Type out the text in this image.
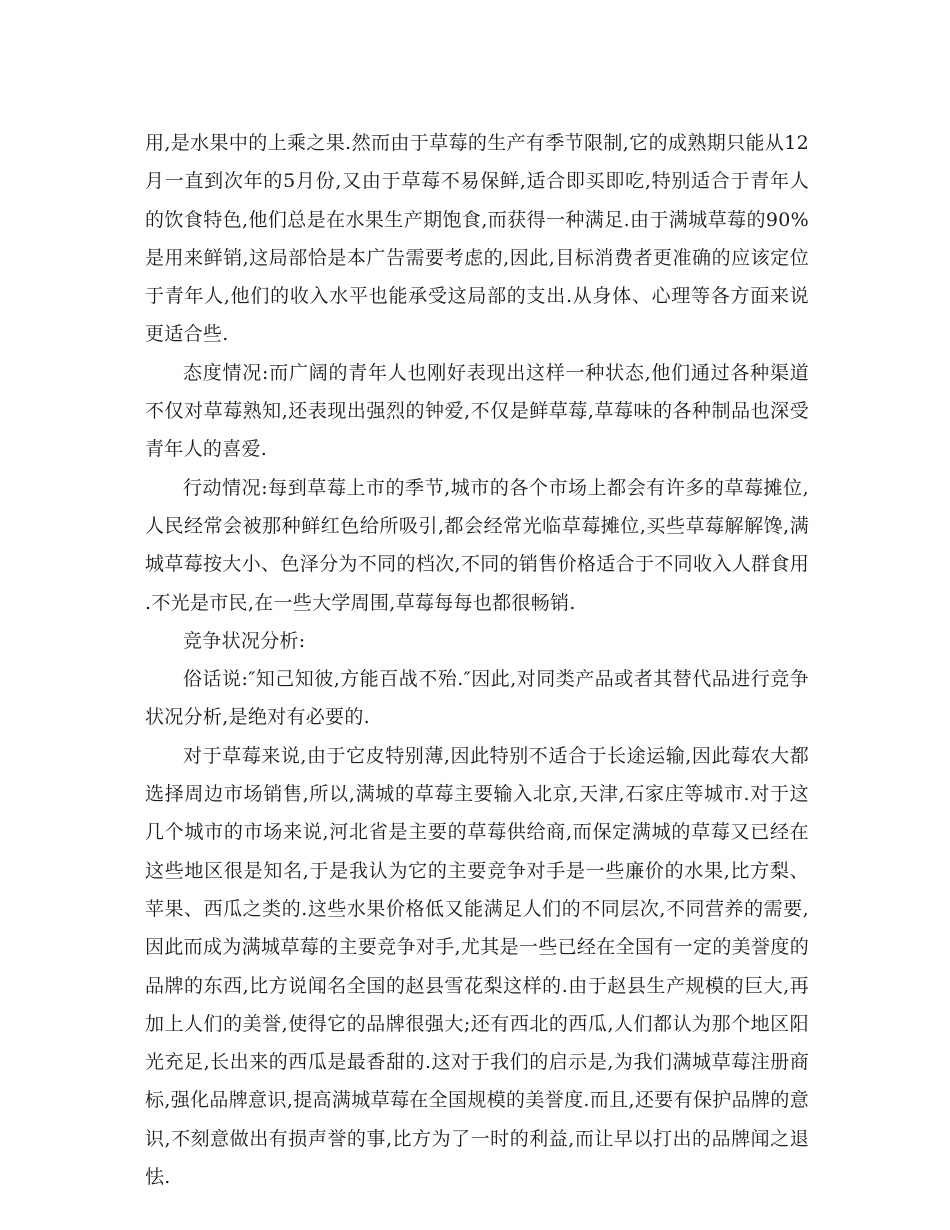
用,是水果中的上乘之果.然而由于草莓的生产有季节限制,它的成熟期只能从12月一直到次年的5月份,又由于草莓不易保鲜,适合即买即吃,特别适合于青年人的饮食特色,他们总是在水果生产期饱食,而获得一种满足.由于满城草莓的90%是用来鲜销,这局部恰是本广告需要考虑的,因此,目标消费者更准确的应该定位于青年人,他们的收入水平也能承受这局部的支出.从身体、心理等各方面来说更适合些.

态度情况:而广阔的青年人也刚好表现出这样一种状态,他们通过各种渠道不仅对草莓熟知,还表现出强烈的钟爱,不仅是鲜草莓,草莓味的各种制品也深受青年人的喜爱.

行动情况:每到草莓上市的季节,城市的各个市场上都会有许多的草莓摊位,人民经常会被那种鲜红色给所吸引,都会经常光临草莓摊位,买些草莓解解馋,满城草莓按大小、色泽分为不同的档次,不同的销售价格适合于不同收入人群食用.不光是市民,在一些大学周围,草莓每每也都很畅销.

竞争状况分析:

俗话说:″知己知彼,方能百战不殆.″因此,对同类产品或者其替代品进行竞争状况分析,是绝对有必要的.

对于草莓来说,由于它皮特别薄,因此特别不适合于长途运输,因此莓农大都选择周边市场销售,所以,满城的草莓主要输入北京,天津,石家庄等城市.对于这几个城市的市场来说,河北省是主要的草莓供给商,而保定满城的草莓又已经在这些地区很是知名,于是我认为它的主要竞争对手是一些廉价的水果,比方梨、苹果、西瓜之类的.这些水果价格低又能满足人们的不同层次,不同营养的需要,因此而成为满城草莓的主要竞争对手,尤其是一些已经在全国有一定的美誉度的品牌的东西,比方说闻名全国的赵县雪花梨这样的.由于赵县生产规模的巨大,再加上人们的美誉,使得它的品牌很强大;还有西北的西瓜,人们都认为那个地区阳光充足,长出来的西瓜是最香甜的.这对于我们的启示是,为我们满城草莓注册商标,强化品牌意识,提高满城草莓在全国规模的美誉度.而且,还要有保护品牌的意识,不刻意做出有损声誉的事,比方为了一时的利益,而让早以打出的品牌闻之退怯.
